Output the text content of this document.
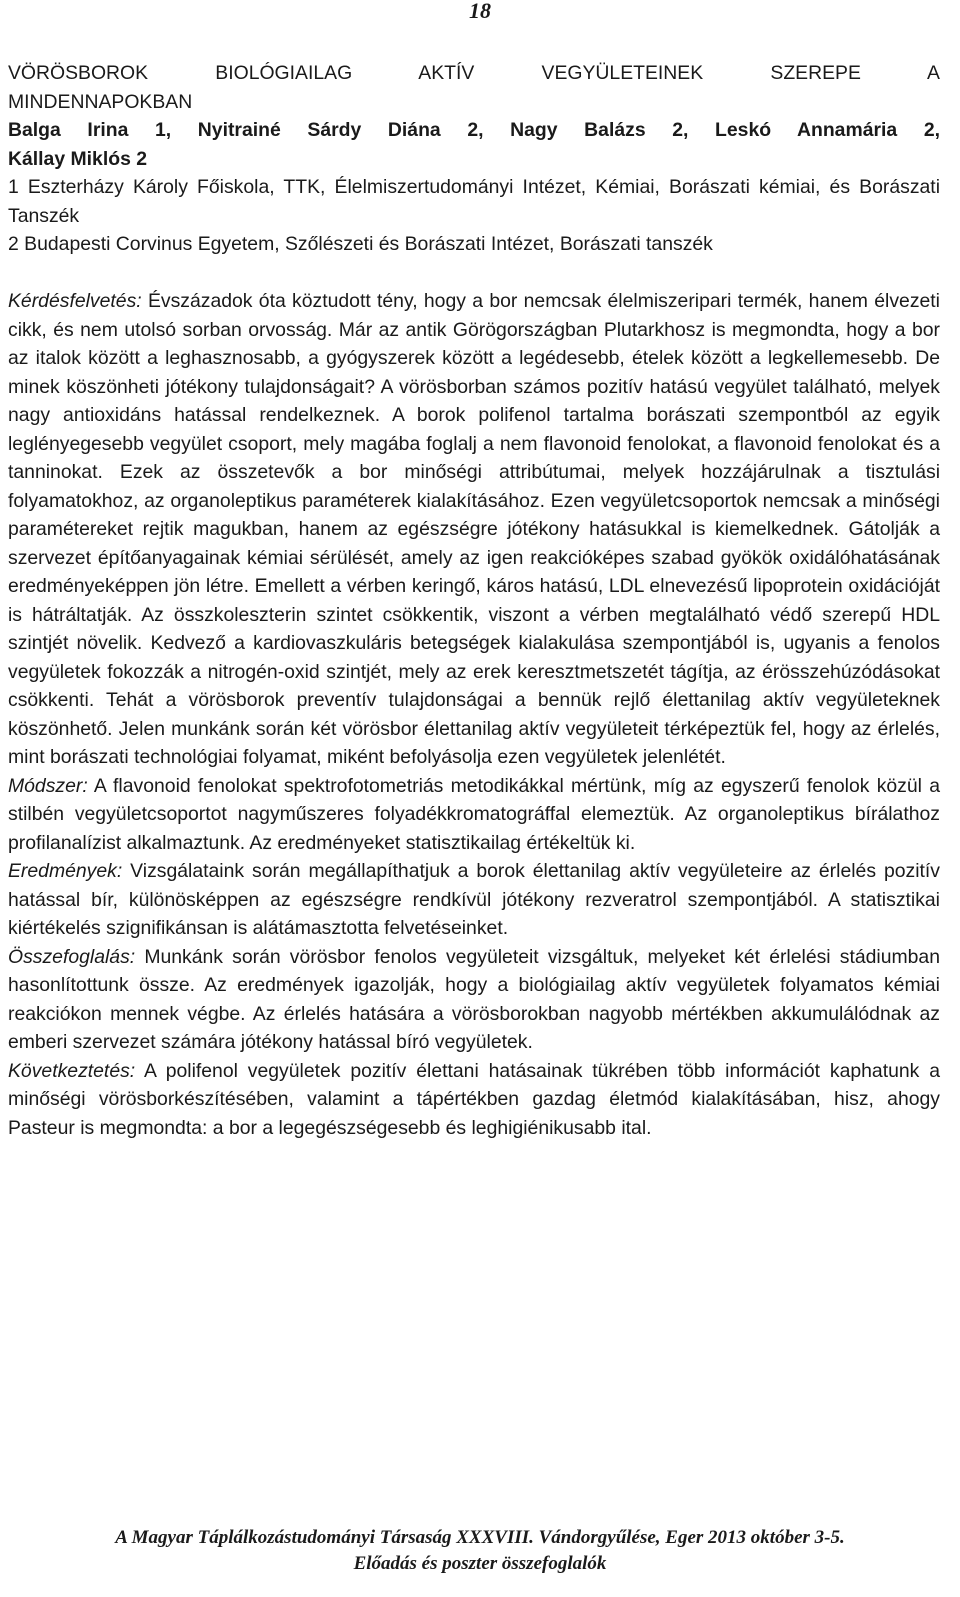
18

VÖRÖSBOROK BIOLÓGIAILAG AKTÍV VEGYÜLETEINEK SZEREPE A

MINDENNAPOKBAN

Balga Irina 1, Nyitrainé Sárdy Diána 2, Nagy Balázs 2, Leskó Annamária 2,

Kállay Miklós 2

1 Eszterházy Károly Főiskola, TTK, Élelmiszertudományi Intézet, Kémiai, Borászati kémiai, és Borászati Tanszék

2 Budapesti Corvinus Egyetem, Szőlészeti és Borászati Intézet, Borászati tanszék

Kérdésfelvetés: Évszázadok óta köztudott tény, hogy a bor nemcsak élelmiszeripari termék, hanem élvezeti cikk, és nem utolsó sorban orvosság. Már az antik Görögországban Plutarkhosz is megmondta, hogy a bor az italok között a leghasznosabb, a gyógyszerek között a legédesebb, ételek között a legkellemesebb. De minek köszönheti jótékony tulajdonságait? A vörösborban számos pozitív hatású vegyület található, melyek nagy antioxidáns hatással rendelkeznek. A borok polifenol tartalma borászati szempontból az egyik leglényegesebb vegyület csoport, mely magába foglalj a nem flavonoid fenolokat, a flavonoid fenolokat és a tanninokat. Ezek az összetevők a bor minőségi attribútumai, melyek hozzájárulnak a tisztulási folyamatokhoz, az organoleptikus paraméterek kialakításához. Ezen vegyületcsoportok nemcsak a minőségi paramétereket rejtik magukban, hanem az egészségre jótékony hatásukkal is kiemelkednek. Gátolják a szervezet építőanyagainak kémiai sérülését, amely az igen reakcióképes szabad gyökök oxidálóhatásának eredményeképpen jön létre. Emellett a vérben keringő, káros hatású, LDL elnevezésű lipoprotein oxidációját is hátráltatják. Az összkoleszterin szintet csökkentik, viszont a vérben megtalálható védő szerepű HDL szintjét növelik. Kedvező a kardiovaszkuláris betegségek kialakulása szempontjából is, ugyanis a fenolos vegyületek fokozzák a nitrogén-oxid szintjét, mely az erek keresztmetszetét tágítja, az érösszehúzódásokat csökkenti. Tehát a vörösborok preventív tulajdonságai a bennük rejlő élettanilag aktív vegyületeknek köszönhető. Jelen munkánk során két vörösbor élettanilag aktív vegyületeit térképeztük fel, hogy az érlelés, mint borászati technológiai folyamat, miként befolyásolja ezen vegyületek jelenlétét.

Módszer: A flavonoid fenolokat spektrofotometriás metodikákkal mértünk, míg az egyszerű fenolok közül a stilbén vegyületcsoportot nagyműszeres folyadékkromatográffal elemeztük. Az organoleptikus bírálathoz profilanalízist alkalmaztunk. Az eredményeket statisztikailag értékeltük ki.

Eredmények: Vizsgálataink során megállapíthatjuk a borok élettanilag aktív vegyületeire az érlelés pozitív hatással bír, különösképpen az egészségre rendkívül jótékony rezveratrol szempontjából. A statisztikai kiértékelés szignifikánsan is alátámasztotta felvetéseinket.

Összefoglalás: Munkánk során vörösbor fenolos vegyületeit vizsgáltuk, melyeket két érlelési stádiumban hasonlítottunk össze. Az eredmények igazolják, hogy a biológiailag aktív vegyületek folyamatos kémiai reakciókon mennek végbe. Az érlelés hatására a vörösborokban nagyobb mértékben akkumulálódnak az emberi szervezet számára jótékony hatással bíró vegyületek.

Következtetés: A polifenol vegyületek pozitív élettani hatásainak tükrében több információt kaphatunk a minőségi vörösborkészítésében, valamint a tápértékben gazdag életmód kialakításában, hisz, ahogy Pasteur is megmondta: a bor a legegészségesebb és leghigiénikusabb ital.

A Magyar Táplálkozástudományi Társaság XXXVIII. Vándorgyűlése, Eger 2013 október 3-5.
Előadás és poszter összefoglalók
